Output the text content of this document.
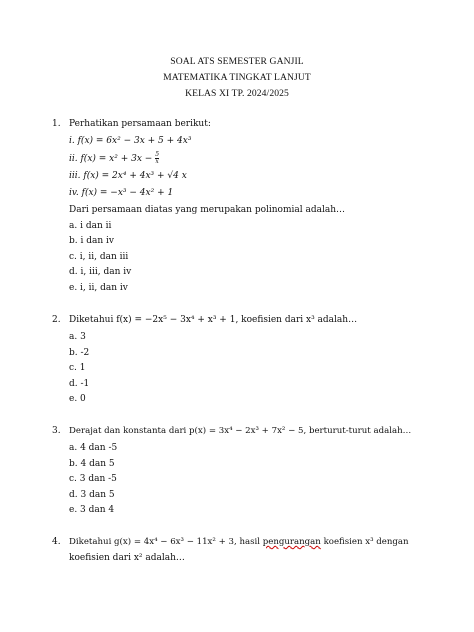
SOAL ATS SEMESTER GANJIL
MATEMATIKA TINGKAT LANJUT
KELAS XI TP. 2024/2025
1. Perhatikan persamaan berikut:
i. f(x) = 6x² − 3x + 5 + 4x³
ii. $f(x) = x^2 + 3x - \frac{5}{x}$
iii. f(x) = 2x⁴ + 4x³ + √4 x
iv. f(x) = −x³ − 4x² + 1
Dari persamaan diatas yang merupakan polinomial adalah…
a. i dan ii
b. i dan iv
c. i, ii, dan iii
d. i, iii, dan iv
e. i, ii, dan iv
2. Diketahui f(x) = −2x⁵ − 3x⁴ + x³ + 1, koefisien dari x³ adalah…
a. 3
b. -2
c. 1
d. -1
e. 0
3. Derajat dan konstanta dari p(x) = 3x⁴ − 2x³ + 7x² − 5, berturut-turut adalah…
a. 4 dan -5
b. 4 dan 5
c. 3 dan -5
d. 3 dan 5
e. 3 dan 4
4. Diketahui g(x) = 4x⁴ − 6x³ − 11x² + 3, hasil pengurangan koefisien x³ dengan
koefisien dari x² adalah…
